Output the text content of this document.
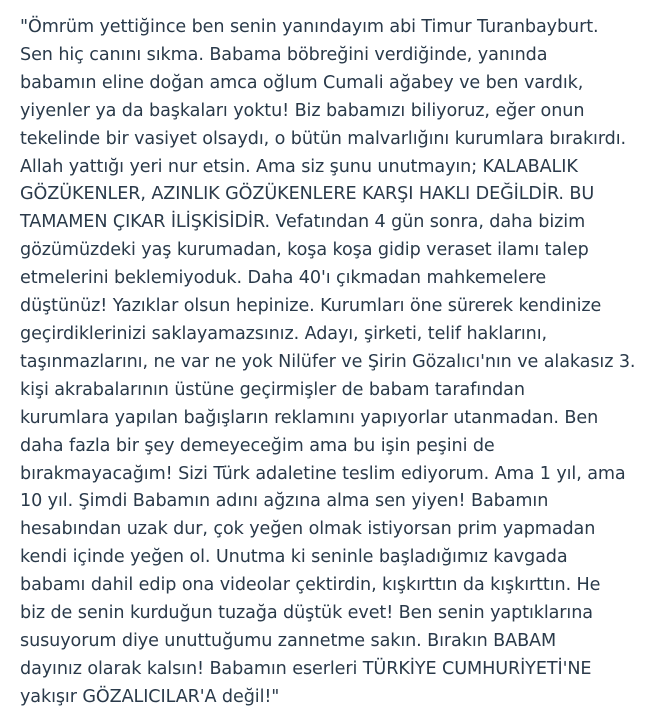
"Ömrüm yettiğince ben senin yanındayım abi Timur Turanbayburt.
Sen hiç canını sıkma. Babama böbreğini verdiğinde, yanında
babamın eline doğan amca oğlum Cumali ağabey ve ben vardık,
yiyenler ya da başkaları yoktu! Biz babamızı biliyoruz, eğer onun
tekelinde bir vasiyet olsaydı, o bütün malvarlığını kurumlara bırakırdı.
Allah yattığı yeri nur etsin. Ama siz şunu unutmayın; KALABALIK
GÖZÜKENLER, AZINLIK GÖZÜKENLERE KARŞI HAKLI DEĞİLDİR. BU
TAMAMEN ÇIKAR İLİŞKİSİDİR. Vefatından 4 gün sonra, daha bizim
gözümüzdeki yaş kurumadan, koşa koşa gidip veraset ilamı talep
etmelerini beklemiyoduk. Daha 40'ı çıkmadan mahkemelere
düştünüz! Yazıklar olsun hepinize. Kurumları öne sürerek kendinize
geçirdiklerinizi saklayamazsınız. Adayı, şirketi, telif haklarını,
taşınmazlarını, ne var ne yok Nilüfer ve Şirin Gözalıcı'nın ve alakasız 3.
kişi akrabalarının üstüne geçirmişler de babam tarafından
kurumlara yapılan bağışların reklamını yapıyorlar utanmadan. Ben
daha fazla bir şey demeyeceğim ama bu işin peşini de
bırakmayacağım! Sizi Türk adaletine teslim ediyorum. Ama 1 yıl, ama
10 yıl. Şimdi Babamın adını ağzına alma sen yiyen! Babamın
hesabından uzak dur, çok yeğen olmak istiyorsan prim yapmadan
kendi içinde yeğen ol. Unutma ki seninle başladığımız kavgada
babamı dahil edip ona videolar çektirdin, kışkırttın da kışkırttın. He
biz de senin kurduğun tuzağa düştük evet! Ben senin yaptıklarına
susuyorum diye unuttuğumu zannetme sakın. Bırakın BABAM
dayınız olarak kalsın! Babamın eserleri TÜRKİYE CUMHURİYETİ'NE
yakışır GÖZALICILAR'A değil!"
